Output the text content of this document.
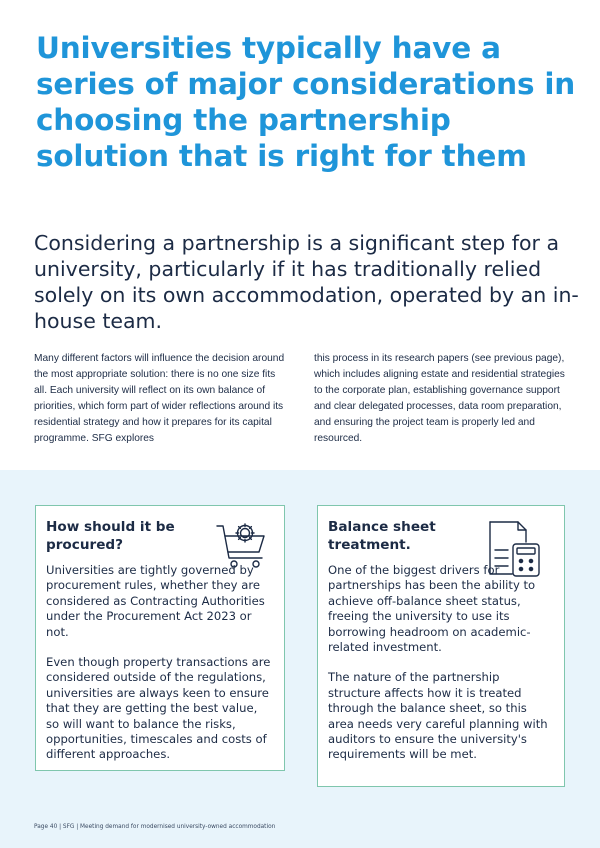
Universities typically have a series of major considerations in choosing the partnership solution that is right for them

Considering a partnership is a significant step for a university, particularly if it has traditionally relied solely on its own accommodation, operated by an in-house team.

Many different factors will influence the decision around the most appropriate solution: there is no one size fits all. Each university will reflect on its own balance of priorities, which form part of wider reflections around its residential strategy and how it prepares for its capital programme. SFG explores

this process in its research papers (see previous page), which includes aligning estate and residential strategies to the corporate plan, establishing governance support and clear delegated processes, data room preparation, and ensuring the project team is properly led and resourced.

How should it be procured?

Universities are tightly governed by procurement rules, whether they are considered as Contracting Authorities under the Procurement Act 2023 or not.

Even though property transactions are considered outside of the regulations, universities are always keen to ensure that they are getting the best value, so will want to balance the risks, opportunities, timescales and costs of different approaches.

Balance sheet treatment.

One of the biggest drivers for partnerships has been the ability to achieve off-balance sheet status, freeing the university to use its borrowing headroom on academic-related investment.

The nature of the partnership structure affects how it is treated through the balance sheet, so this area needs very careful planning with auditors to ensure the university's requirements will be met.

Page 40 | SFG | Meeting demand for modernised university-owned accommodation
